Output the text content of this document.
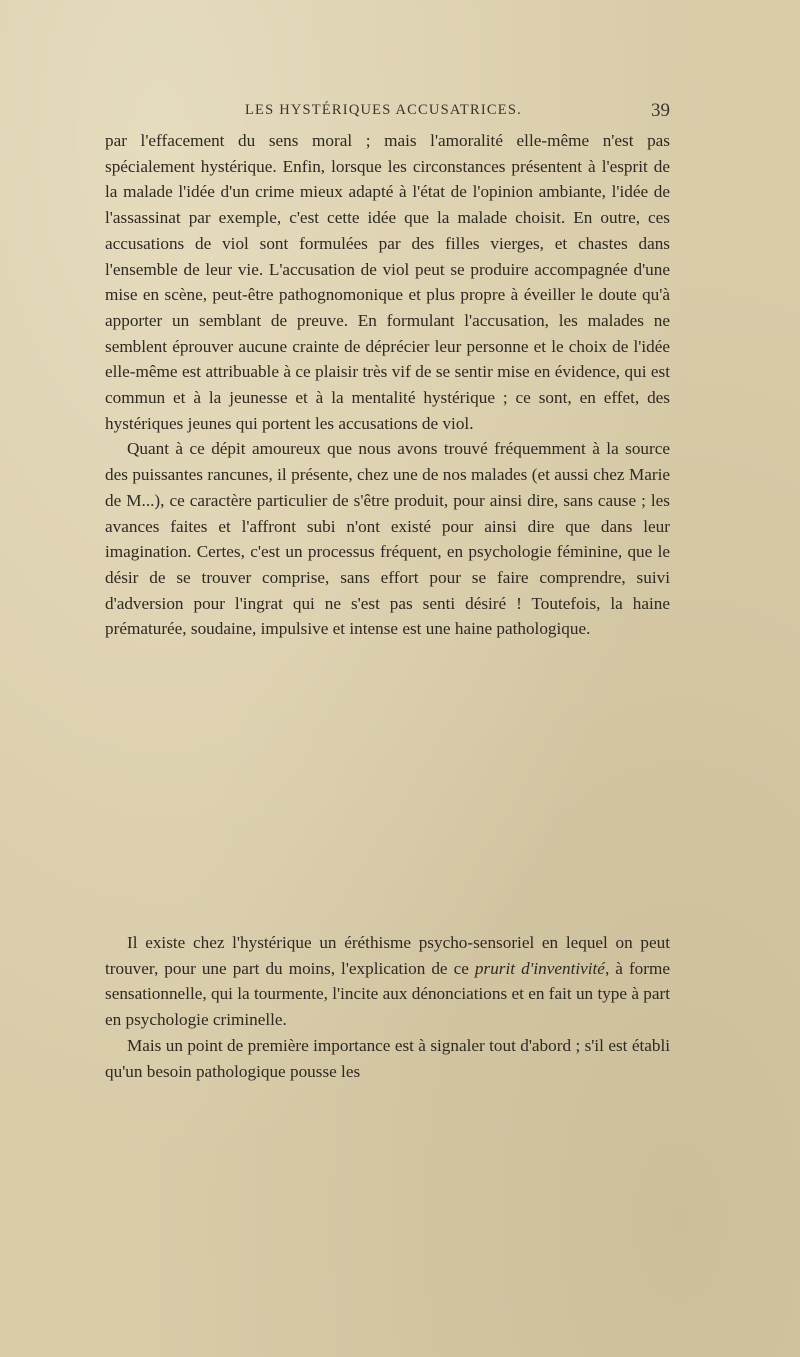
LES HYSTÉRIQUES ACCUSATRICES.	39

par l'effacement du sens moral ; mais l'amoralité elle-même n'est pas spécialement hystérique. Enfin, lorsque les circonstances présentent à l'esprit de la malade l'idée d'un crime mieux adapté à l'état de l'opinion ambiante, l'idée de l'assassinat par exemple, c'est cette idée que la malade choisit. En outre, ces accusations de viol sont formulées par des filles vierges, et chastes dans l'ensemble de leur vie. L'accusation de viol peut se produire accompagnée d'une mise en scène, peut-être pathognomonique et plus propre à éveiller le doute qu'à apporter un semblant de preuve. En formulant l'accusation, les malades ne semblent éprouver aucune crainte de déprécier leur personne et le choix de l'idée elle-même est attribuable à ce plaisir très vif de se sentir mise en évidence, qui est commun et à la jeunesse et à la mentalité hystérique ; ce sont, en effet, des hystériques jeunes qui portent les accusations de viol.

Quant à ce dépit amoureux que nous avons trouvé fréquemment à la source des puissantes rancunes, il présente, chez une de nos malades (et aussi chez Marie de M...), ce caractère particulier de s'être produit, pour ainsi dire, sans cause ; les avances faites et l'affront subi n'ont existé pour ainsi dire que dans leur imagination. Certes, c'est un processus fréquent, en psychologie féminine, que le désir de se trouver comprise, sans effort pour se faire comprendre, suivi d'adversion pour l'ingrat qui ne s'est pas senti désiré ! Toutefois, la haine prématurée, soudaine, impulsive et intense est une haine pathologique.

Il existe chez l'hystérique un éréthisme psycho-sensoriel en lequel on peut trouver, pour une part du moins, l'explication de ce prurit d'inventivité, à forme sensationnelle, qui la tourmente, l'incite aux dénonciations et en fait un type à part en psychologie criminelle.

Mais un point de première importance est à signaler tout d'abord ; s'il est établi qu'un besoin pathologique pousse les
